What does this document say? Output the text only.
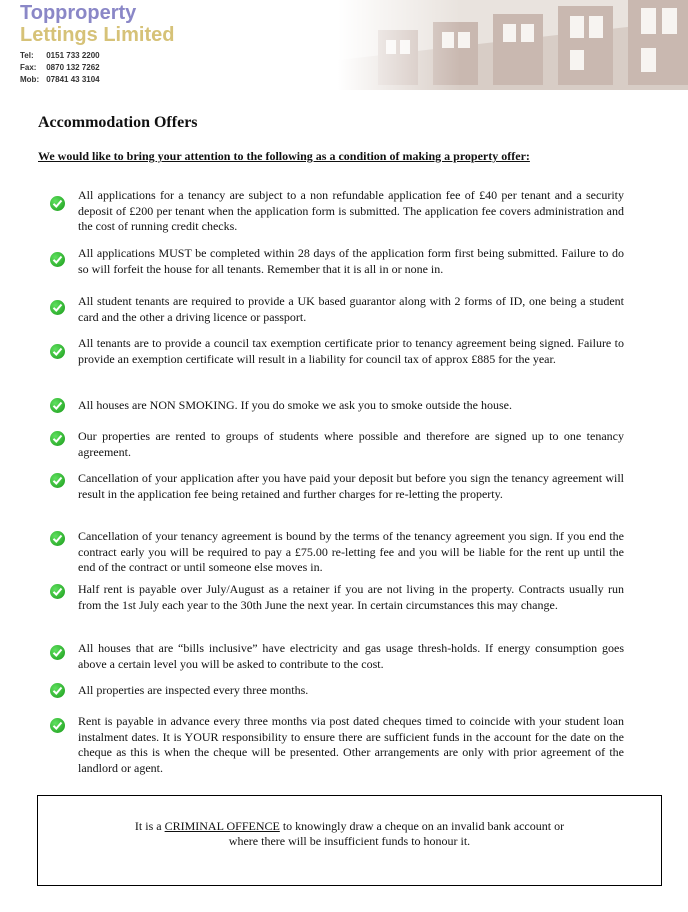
Topproperty
Lettings Limited
Tel: 0151 733 2200
Fax: 0870 132 7262
Mob: 07841 43 3104
Accommodation Offers
We would like to bring your attention to the following as a condition of making a property offer:
All applications for a tenancy are subject to a non refundable application fee of £40 per tenant and a security deposit of £200 per tenant when the application form is submitted. The application fee covers administration and the cost of running credit checks.
All applications MUST be completed within 28 days of the application form first being submitted. Failure to do so will forfeit the house for all tenants. Remember that it is all in or none in.
All student tenants are required to provide a UK based guarantor along with 2 forms of ID, one being a student card and the other a driving licence or passport.
All tenants are to provide a council tax exemption certificate prior to tenancy agreement being signed. Failure to provide an exemption certificate will result in a liability for council tax of approx £885 for the year.
All houses are NON SMOKING. If you do smoke we ask you to smoke outside the house.
Our properties are rented to groups of students where possible and therefore are signed up to one tenancy agreement.
Cancellation of your application after you have paid your deposit but before you sign the tenancy agreement will result in the application fee being retained and further charges for re-letting the property.
Cancellation of your tenancy agreement is bound by the terms of the tenancy agreement you sign. If you end the contract early you will be required to pay a £75.00 re-letting fee and you will be liable for the rent up until the end of the contract or until someone else moves in.
Half rent is payable over July/August as a retainer if you are not living in the property. Contracts usually run from the 1st July each year to the 30th June the next year. In certain circumstances this may change.
All houses that are “bills inclusive” have electricity and gas usage thresh-holds. If energy consumption goes above a certain level you will be asked to contribute to the cost.
All properties are inspected every three months.
Rent is payable in advance every three months via post dated cheques timed to coincide with your student loan instalment dates. It is YOUR responsibility to ensure there are sufficient funds in the account for the date on the cheque as this is when the cheque will be presented. Other arrangements are only with prior agreement of the landlord or agent.
It is a CRIMINAL OFFENCE to knowingly draw a cheque on an invalid bank account or
where there will be insufficient funds to honour it.
